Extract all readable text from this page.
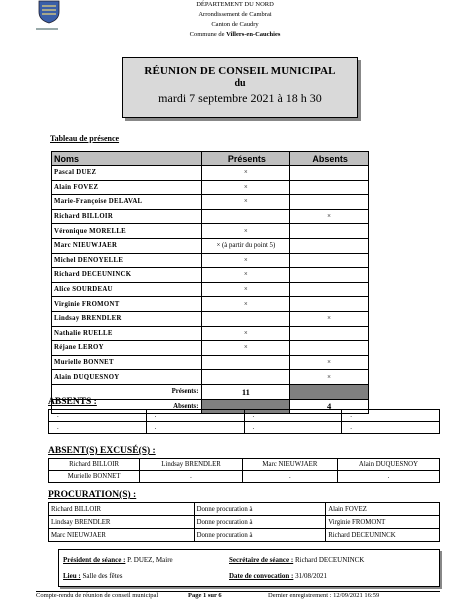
DÉPARTEMENT DU NORD
Arrondissement de Cambrai
Canton de Caudry
Commune de Villers-en-Cauchies
RÉUNION DE CONSEIL MUNICIPAL
du
mardi 7 septembre 2021 à 18 h 30
Tableau de présence
Noms	Présents	Absents
Pascal DUEZ	×	
Alain FOVEZ	×	
Marie-Françoise DELAVAL	×	
Richard BILLOIR		×
Véronique MORELLE	×	
Marc NIEUWJAER	× (à partir du point 5)	
Michel DENOYELLE	×	
Richard DECEUNINCK	×	
Alice SOURDEAU	×	
Virginie FROMONT	×	
Lindsay BRENDLER		×
Nathalie RUELLE	×	
Réjane LEROY	×	
Murielle BONNET		×
Alain DUQUESNOY		×
Présents:	11	
Absents:		4
ABSENTS :
.	.	.	.
.	.	.	.
ABSENT(S) EXCUSÉ(S) :
Richard BILLOIR	Lindsay BRENDLER	Marc NIEUWJAER	Alain DUQUESNOY
Murielle BONNET	.	.	.
PROCURATION(S) :
Richard BILLOIR	Donne procuration à	Alain FOVEZ
Lindsay BRENDLER	Donne procuration à	Virginie FROMONT
Marc NIEUWJAER	Donne procuration à	Richard DECEUNINCK
Président de séance : P. DUEZ, Maire	Secrétaire de séance : Richard DECEUNINCK
Lieu : Salle des fêtes	Date de convocation : 31/08/2021
Compte-rendu de réunion de conseil municipal	Page 1 sur 6	Dernier enregistrement : 12/09/2021 16:59
